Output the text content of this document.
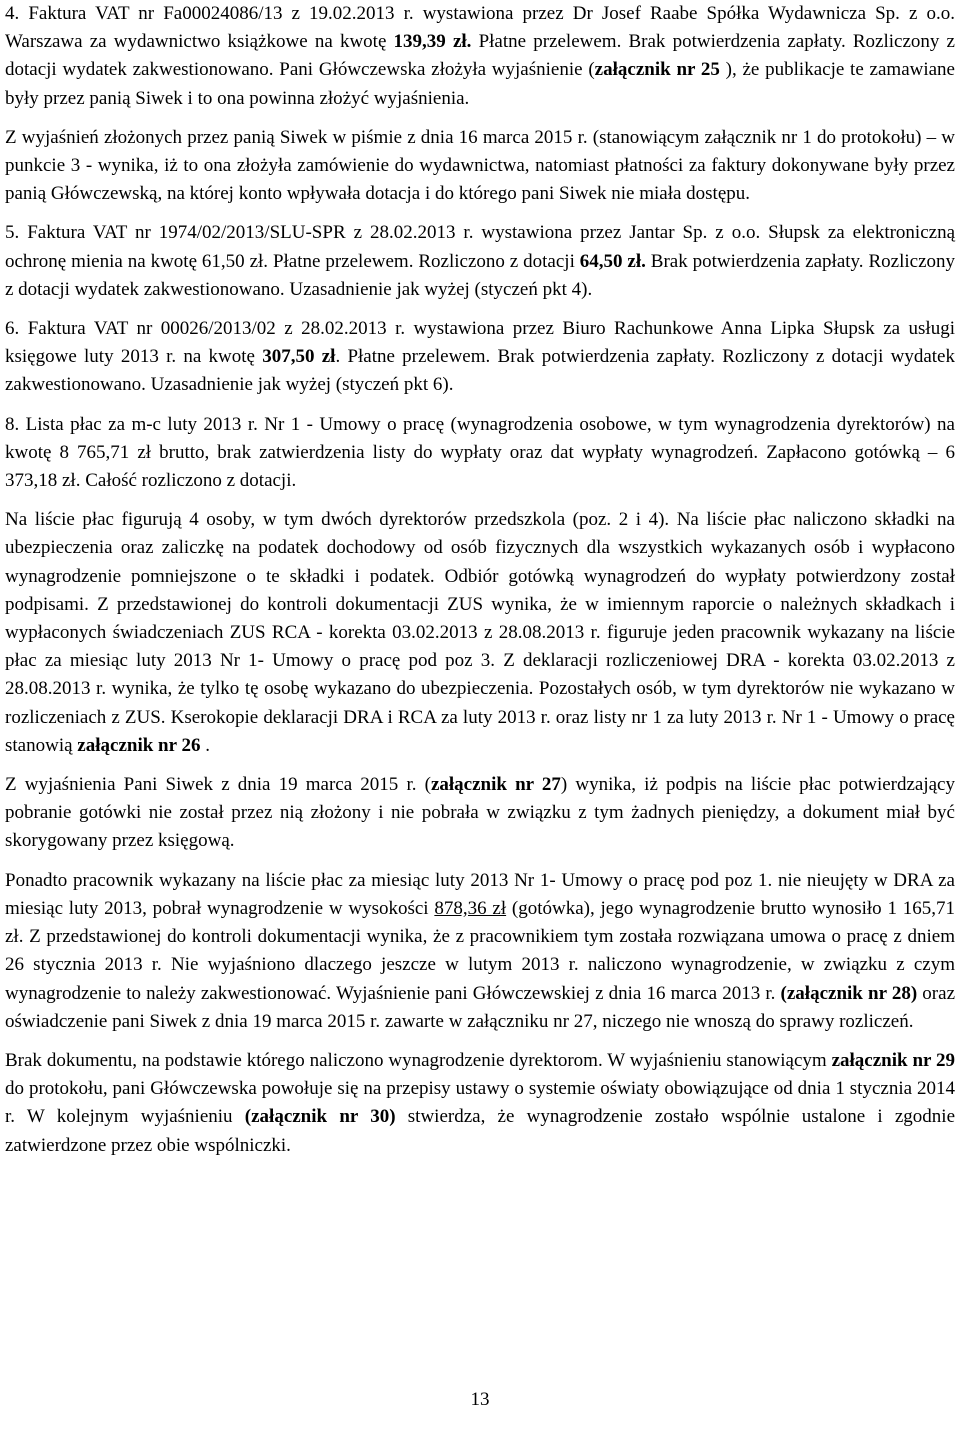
4. Faktura VAT nr Fa00024086/13 z 19.02.2013 r. wystawiona przez Dr Josef Raabe Spółka Wydawnicza Sp. z o.o. Warszawa za wydawnictwo książkowe na kwotę 139,39 zł. Płatne przelewem. Brak potwierdzenia zapłaty. Rozliczony z dotacji wydatek zakwestionowano. Pani Główczewska złożyła wyjaśnienie (załącznik nr 25 ), że publikacje te zamawiane były przez panią Siwek i to ona powinna złożyć wyjaśnienia.

Z wyjaśnień złożonych przez panią Siwek w piśmie z dnia 16 marca 2015 r. (stanowiącym załącznik nr 1 do protokołu) – w punkcie 3 - wynika, iż to ona złożyła zamówienie do wydawnictwa, natomiast płatności za faktury dokonywane były przez panią Główczewską, na której konto wpływała dotacja i do którego pani Siwek nie miała dostępu.

5. Faktura VAT nr 1974/02/2013/SLU-SPR z 28.02.2013 r. wystawiona przez Jantar Sp. z o.o. Słupsk za elektroniczną ochronę mienia na kwotę 61,50 zł. Płatne przelewem. Rozliczono z dotacji 64,50 zł. Brak potwierdzenia zapłaty. Rozliczony z dotacji wydatek zakwestionowano. Uzasadnienie jak wyżej (styczeń pkt 4).

6. Faktura VAT nr 00026/2013/02 z 28.02.2013 r. wystawiona przez Biuro Rachunkowe Anna Lipka Słupsk za usługi księgowe luty 2013 r. na kwotę 307,50 zł. Płatne przelewem. Brak potwierdzenia zapłaty. Rozliczony z dotacji wydatek zakwestionowano. Uzasadnienie jak wyżej (styczeń pkt 6).

8. Lista płac za m-c luty 2013 r. Nr 1 - Umowy o pracę (wynagrodzenia osobowe, w tym wynagrodzenia dyrektorów) na kwotę 8 765,71 zł brutto, brak zatwierdzenia listy do wypłaty oraz dat wypłaty wynagrodzeń. Zapłacono gotówką – 6 373,18 zł. Całość rozliczono z dotacji.

Na liście płac figurują 4 osoby, w tym dwóch dyrektorów przedszkola (poz. 2 i 4). Na liście płac naliczono składki na ubezpieczenia oraz zaliczkę na podatek dochodowy od osób fizycznych dla wszystkich wykazanych osób i wypłacono wynagrodzenie pomniejszone o te składki i podatek. Odbiór gotówką wynagrodzeń do wypłaty potwierdzony został podpisami. Z przedstawionej do kontroli dokumentacji ZUS wynika, że w imiennym raporcie o należnych składkach i wypłaconych świadczeniach ZUS RCA - korekta 03.02.2013 z 28.08.2013 r. figuruje jeden pracownik wykazany na liście płac za miesiąc luty 2013 Nr 1- Umowy o pracę pod poz 3. Z deklaracji rozliczeniowej DRA - korekta 03.02.2013 z 28.08.2013 r. wynika, że tylko tę osobę wykazano do ubezpieczenia. Pozostałych osób, w tym dyrektorów nie wykazano w rozliczeniach z ZUS. Kserokopie deklaracji DRA i RCA za luty 2013 r. oraz listy nr 1 za luty 2013 r. Nr 1 - Umowy o pracę stanowią załącznik nr 26 .

Z wyjaśnienia Pani Siwek z dnia 19 marca 2015 r. (załącznik nr 27) wynika, iż podpis na liście płac potwierdzający pobranie gotówki nie został przez nią złożony i nie pobrała w związku z tym żadnych pieniędzy, a dokument miał być skorygowany przez księgową.

Ponadto pracownik wykazany na liście płac za miesiąc luty 2013 Nr 1- Umowy o pracę pod poz 1. nie nieujęty w DRA za miesiąc luty 2013, pobrał wynagrodzenie w wysokości 878,36 zł (gotówka), jego wynagrodzenie brutto wynosiło 1 165,71 zł. Z przedstawionej do kontroli dokumentacji wynika, że z pracownikiem tym została rozwiązana umowa o pracę z dniem 26 stycznia 2013 r. Nie wyjaśniono dlaczego jeszcze w lutym 2013 r. naliczono wynagrodzenie, w związku z czym wynagrodzenie to należy zakwestionować. Wyjaśnienie pani Główczewskiej z dnia 16 marca 2013 r. (załącznik nr 28) oraz oświadczenie pani Siwek z dnia 19 marca 2015 r. zawarte w załączniku nr 27, niczego nie wnoszą do sprawy rozliczeń.

Brak dokumentu, na podstawie którego naliczono wynagrodzenie dyrektorom. W wyjaśnieniu stanowiącym załącznik nr 29 do protokołu, pani Główczewska powołuje się na przepisy ustawy o systemie oświaty obowiązujące od dnia 1 stycznia 2014 r. W kolejnym wyjaśnieniu (załącznik nr 30) stwierdza, że wynagrodzenie zostało wspólnie ustalone i zgodnie zatwierdzone przez obie wspólniczki.

13
